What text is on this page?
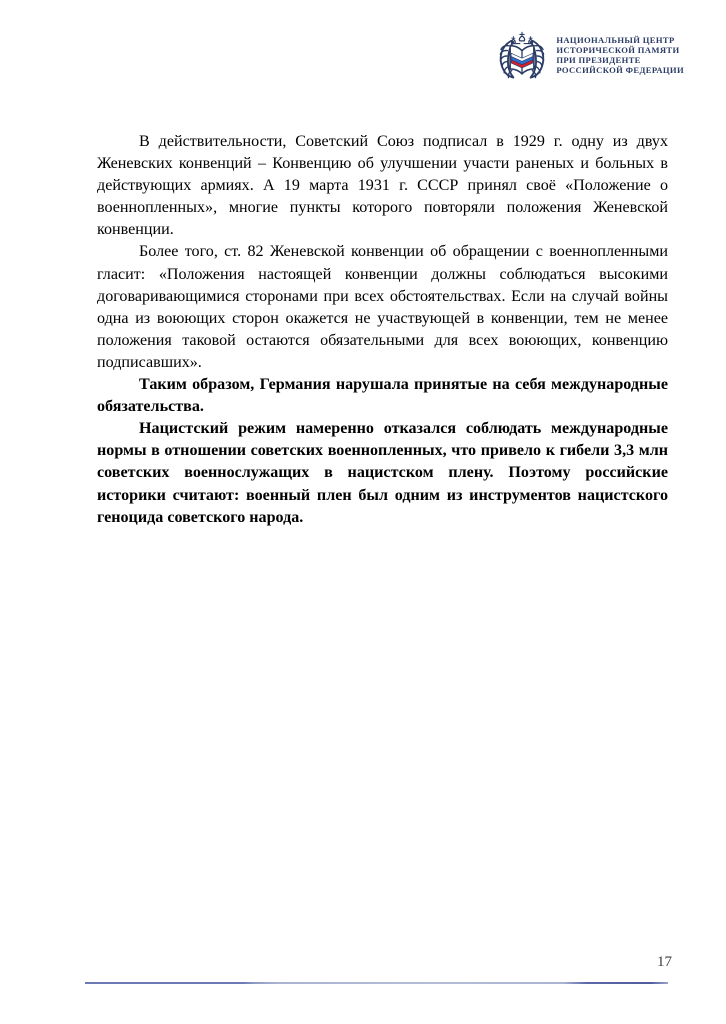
НАЦИОНАЛЬНЫЙ ЦЕНТР
ИСТОРИЧЕСКОЙ ПАМЯТИ
ПРИ ПРЕЗИДЕНТЕ
РОССИЙСКОЙ ФЕДЕРАЦИИ

В действительности, Советский Союз подписал в 1929 г. одну из двух Женевских конвенций – Конвенцию об улучшении участи раненых и больных в действующих армиях. А 19 марта 1931 г. СССР принял своё «Положение о военнопленных», многие пункты которого повторяли положения Женевской конвенции.

Более того, ст. 82 Женевской конвенции об обращении с военнопленными гласит: «Положения настоящей конвенции должны соблюдаться высокими договаривающимися сторонами при всех обстоятельствах. Если на случай войны одна из воюющих сторон окажется не участвующей в конвенции, тем не менее положения таковой остаются обязательными для всех воюющих, конвенцию подписавших».

Таким образом, Германия нарушала принятые на себя международные обязательства.

Нацистский режим намеренно отказался соблюдать международные нормы в отношении советских военнопленных, что привело к гибели 3,3 млн советских военнослужащих в нацистском плену. Поэтому российские историки считают: военный плен был одним из инструментов нацистского геноцида советского народа.

17
